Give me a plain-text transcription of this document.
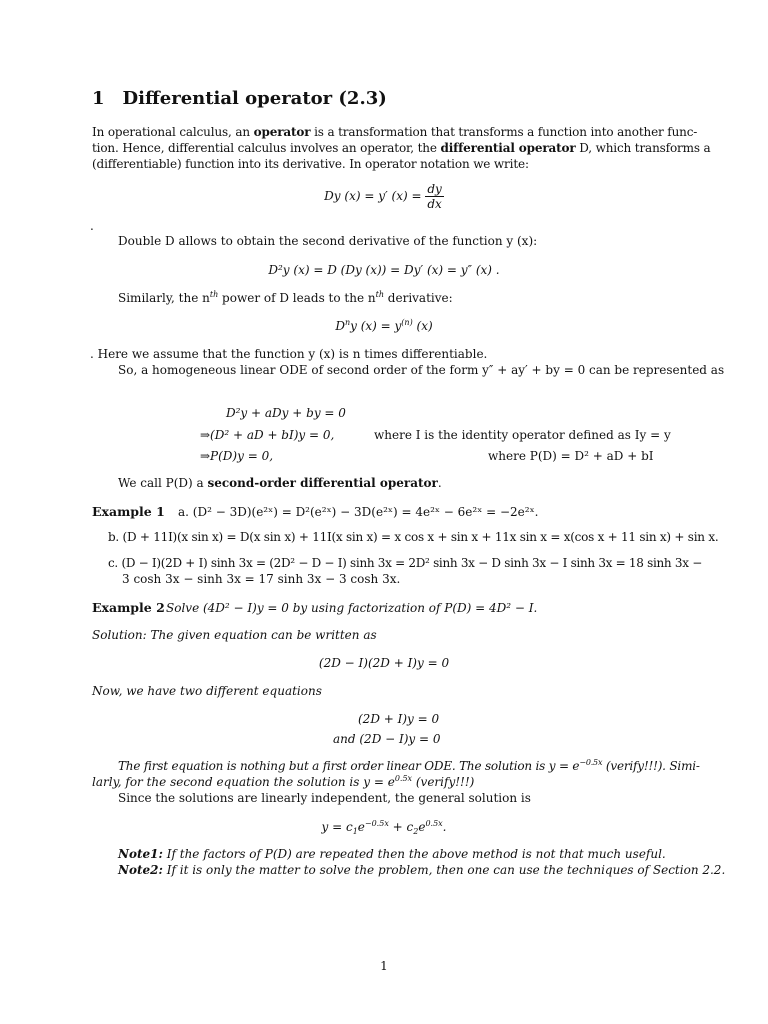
1 Differential operator (2.3)
In operational calculus, an operator is a transformation that transforms a function into another func-
tion. Hence, differential calculus involves an operator, the differential operator D, which transforms a
(differentiable) function into its derivative. In operator notation we write:
Dy (x) = y′ $(x) = \frac{dy}{dx}$
.
Double D allows to obtain the second derivative of the function y (x):
D²y (x) = D (Dy (x)) = Dy′ (x) = y″ (x) .
Similarly, the $n^{th}$ power of D leads to the $n^{th}$ derivative:
$D^ny$ $(x) = y^{(n)}$ (x)
. Here we assume that the function y (x) is n times differentiable.
So, a homogeneous linear ODE of second order of the form y″ + ay′ + by = 0 can be represented as
D²y + aDy + by = 0
⇒(D² + aD + bI)y = 0,	where I is the identity operator defined as Iy = y
⇒P(D)y = 0,	where P(D) = D² + aD + bI
We call P(D) a second-order differential operator.
Example 1 a. (D² − 3D)(e²ˣ) = D²(e²ˣ) − 3D(e²ˣ) = 4e²ˣ − 6e²ˣ = −2e²ˣ.
b. (D + 11I)(x sin x) = D(x sin x) + 11I(x sin x) = x cos x + sin x + 11x sin x = x(cos x + 11 sin x) + sin x.
c. (D − I)(2D + I) sinh 3x = (2D² − D − I) sinh 3x = 2D² sinh 3x − D sinh 3x − I sinh 3x = 18 sinh 3x −
3 cosh 3x − sinh 3x = 17 sinh 3x − 3 cosh 3x.
Example 2 Solve (4D² − I)y = 0 by using factorization of P(D) = 4D² − I.
Solution: The given equation can be written as
(2D − I)(2D + I)y = 0
Now, we have two different equations
(2D + I)y = 0
and (2D − I)y = 0
The first equation is nothing but a first order linear ODE. The solution is $y = e^{-0.5x}$ (verify!!!). Simi-
larly, for the second equation the solution is $y = e^{0.5x}$ (verify!!!)
Since the solutions are linearly independent, the general solution is
$y = c_1e^{-0.5x} + c_2e^{0.5x}$.
Note1: If the factors of P(D) are repeated then the above method is not that much useful.
Note2: If it is only the matter to solve the problem, then one can use the techniques of Section 2.2.
1
